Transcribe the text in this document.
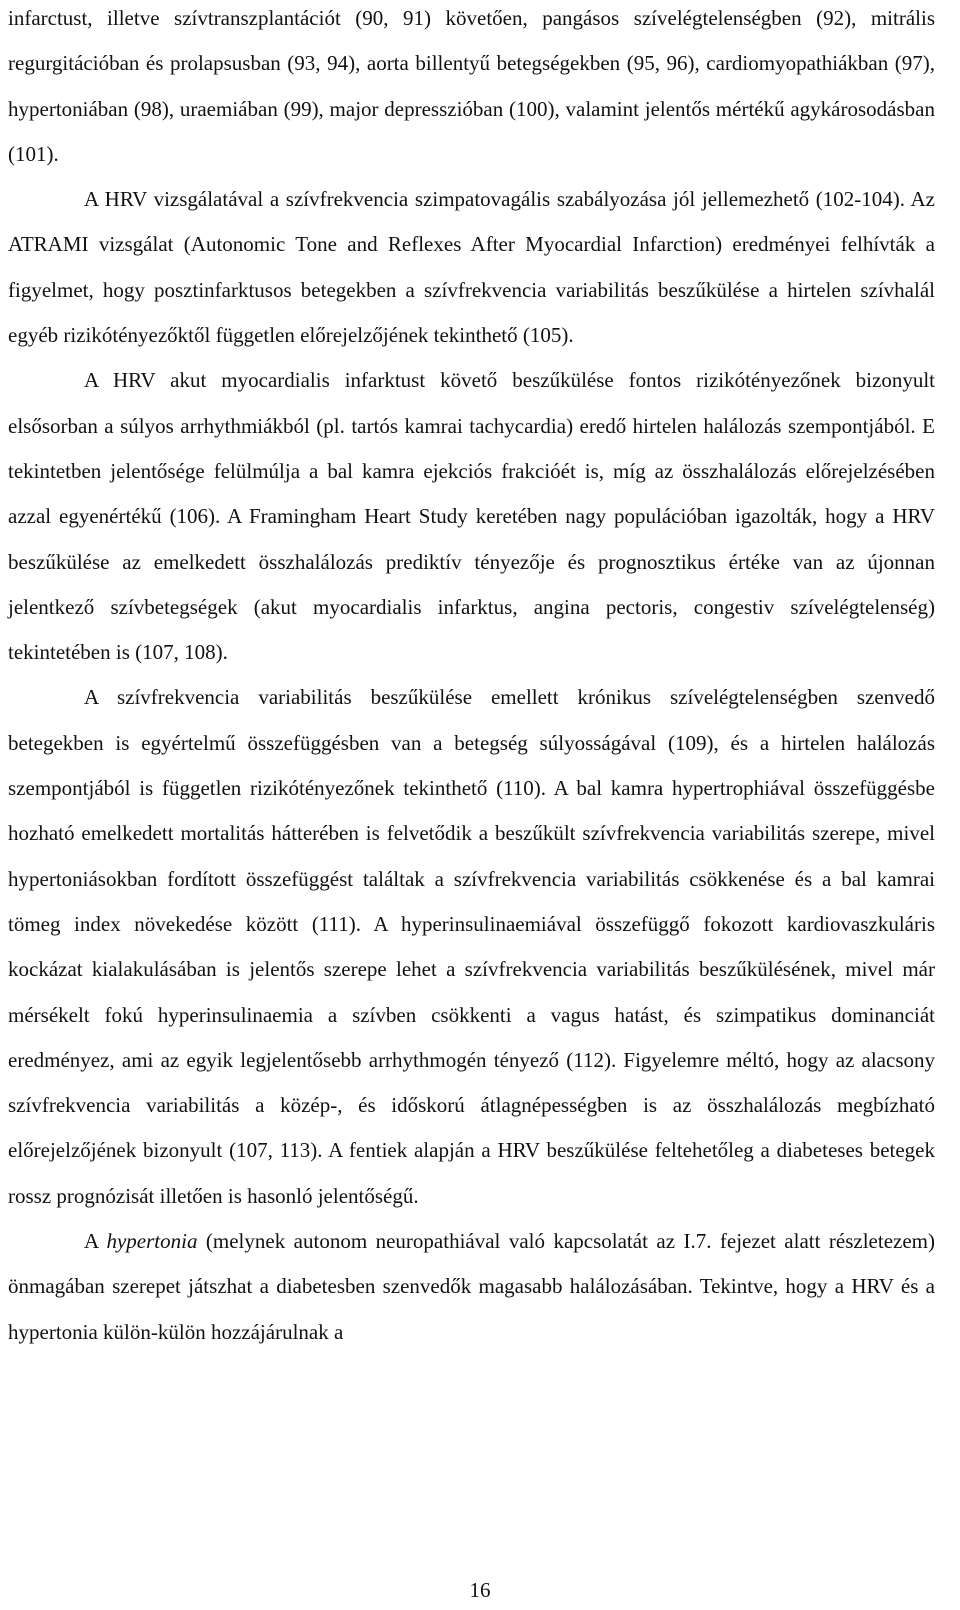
infarctust, illetve szívtranszplantációt (90, 91) követően, pangásos szívelégtelenségben (92), mitrális regurgitációban és prolapsusban (93, 94), aorta billentyű betegségekben (95, 96), cardiomyopathiákban (97), hypertoniában (98), uraemiában (99), major depresszióban (100), valamint jelentős mértékű agykárosodásban (101).

A HRV vizsgálatával a szívfrekvencia szimpatovagális szabályozása jól jellemezhető (102-104). Az ATRAMI vizsgálat (Autonomic Tone and Reflexes After Myocardial Infarction) eredményei felhívták a figyelmet, hogy posztinfarktusos betegekben a szívfrekvencia variabilitás beszűkülése a hirtelen szívhalál egyéb rizikótényezőktől független előrejelzőjének tekinthető (105).

A HRV akut myocardialis infarktust követő beszűkülése fontos rizikótényezőnek bizonyult elsősorban a súlyos arrhythmiákból (pl. tartós kamrai tachycardia) eredő hirtelen halálozás szempontjából. E tekintetben jelentősége felülmúlja a bal kamra ejekciós frakcióét is, míg az összhalálozás előrejelzésében azzal egyenértékű (106). A Framingham Heart Study keretében nagy populációban igazolták, hogy a HRV beszűkülése az emelkedett összhalálozás prediktív tényezője és prognosztikus értéke van az újonnan jelentkező szívbetegségek (akut myocardialis infarktus, angina pectoris, congestiv szívelégtelenség) tekintetében is (107, 108).

A szívfrekvencia variabilitás beszűkülése emellett krónikus szívelégtelenségben szenvedő betegekben is egyértelmű összefüggésben van a betegség súlyosságával (109), és a hirtelen halálozás szempontjából is független rizikótényezőnek tekinthető (110). A bal kamra hypertrophiával összefüggésbe hozható emelkedett mortalitás hátterében is felvetődik a beszűkült szívfrekvencia variabilitás szerepe, mivel hypertoniásokban fordított összefüggést találtak a szívfrekvencia variabilitás csökkenése és a bal kamrai tömeg index növekedése között (111). A hyperinsulinaemiával összefüggő fokozott kardiovaszkuláris kockázat kialakulásában is jelentős szerepe lehet a szívfrekvencia variabilitás beszűkülésének, mivel már mérsékelt fokú hyperinsulinaemia a szívben csökkenti a vagus hatást, és szimpatikus dominanciát eredményez, ami az egyik legjelentősebb arrhythmogén tényező (112). Figyelemre méltó, hogy az alacsony szívfrekvencia variabilitás a közép-, és időskorú átlagnépességben is az összhalálozás megbízható előrejelzőjének bizonyult (107, 113). A fentiek alapján a HRV beszűkülése feltehetőleg a diabeteses betegek rossz prognózisát illetően is hasonló jelentőségű.

A hypertonia (melynek autonom neuropathiával való kapcsolatát az I.7. fejezet alatt részletezem) önmagában szerepet játszhat a diabetesben szenvedők magasabb halálozásában. Tekintve, hogy a HRV és a hypertonia külön-külön hozzájárulnak a

16
